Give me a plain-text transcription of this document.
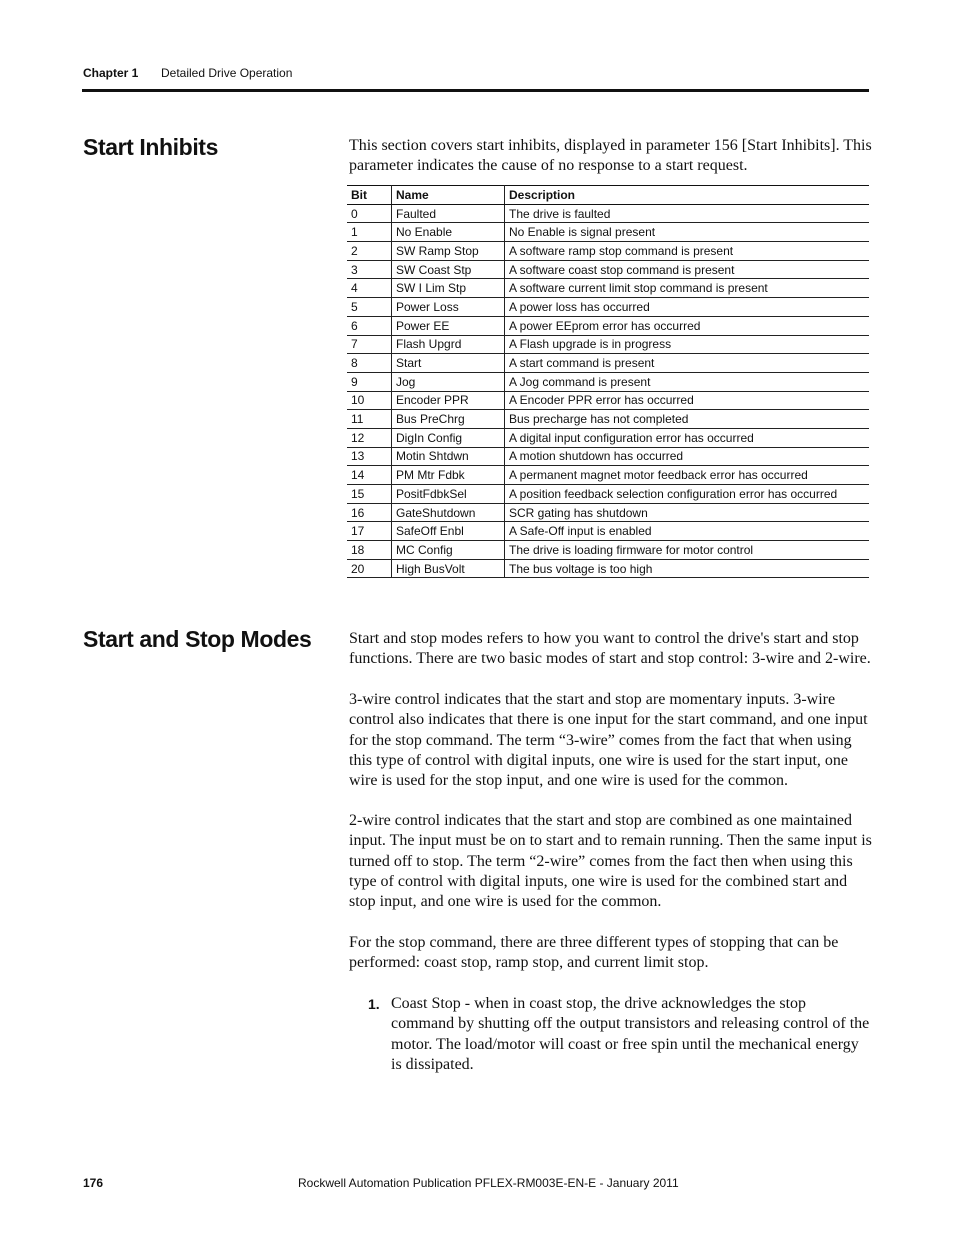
Chapter 1 Detailed Drive Operation
Start Inhibits	This section covers start inhibits, displayed in parameter 156 [Start Inhibits]. This parameter indicates the cause of no response to a start request.

Bit	Name	Description
0	Faulted	The drive is faulted
1	No Enable	No Enable is signal present
2	SW Ramp Stop	A software ramp stop command is present
3	SW Coast Stp	A software coast stop command is present
4	SW I Lim Stp	A software current limit stop command is present
5	Power Loss	A power loss has occurred
6	Power EE	A power EEprom error has occurred
7	Flash Upgrd	A Flash upgrade is in progress
8	Start	A start command is present
9	Jog	A Jog command is present
10	Encoder PPR	A Encoder PPR error has occurred
11	Bus PreChrg	Bus precharge has not completed
12	DigIn Config	A digital input configuration error has occurred
13	Motin Shtdwn	A motion shutdown has occurred
14	PM Mtr Fdbk	A permanent magnet motor feedback error has occurred
15	PositFdbkSel	A position feedback selection configuration error has occurred
16	GateShutdown	SCR gating has shutdown
17	SafeOff Enbl	A Safe-Off input is enabled
18	MC Config	The drive is loading firmware for motor control
20	High BusVolt	The bus voltage is too high
Start and Stop Modes Start and stop modes refers to how you want to control the drive's start and stop functions. There are two basic modes of start and stop control: 3-wire and 2-wire.

3-wire control indicates that the start and stop are momentary inputs. 3-wire control also indicates that there is one input for the start command, and one input for the stop command. The term “3-wire” comes from the fact that when using this type of control with digital inputs, one wire is used for the start input, one wire is used for the stop input, and one wire is used for the common.

2-wire control indicates that the start and stop are combined as one maintained input. The input must be on to start and to remain running. Then the same input is turned off to stop. The term “2-wire” comes from the fact then when using this type of control with digital inputs, one wire is used for the combined start and stop input, and one wire is used for the common.

For the stop command, there are three different types of stopping that can be performed: coast stop, ramp stop, and current limit stop.

1. Coast Stop - when in coast stop, the drive acknowledges the stop command by shutting off the output transistors and releasing control of the motor. The load/motor will coast or free spin until the mechanical energy is dissipated.

176	Rockwell Automation Publication PFLEX-RM003E-EN-E - January 2011
